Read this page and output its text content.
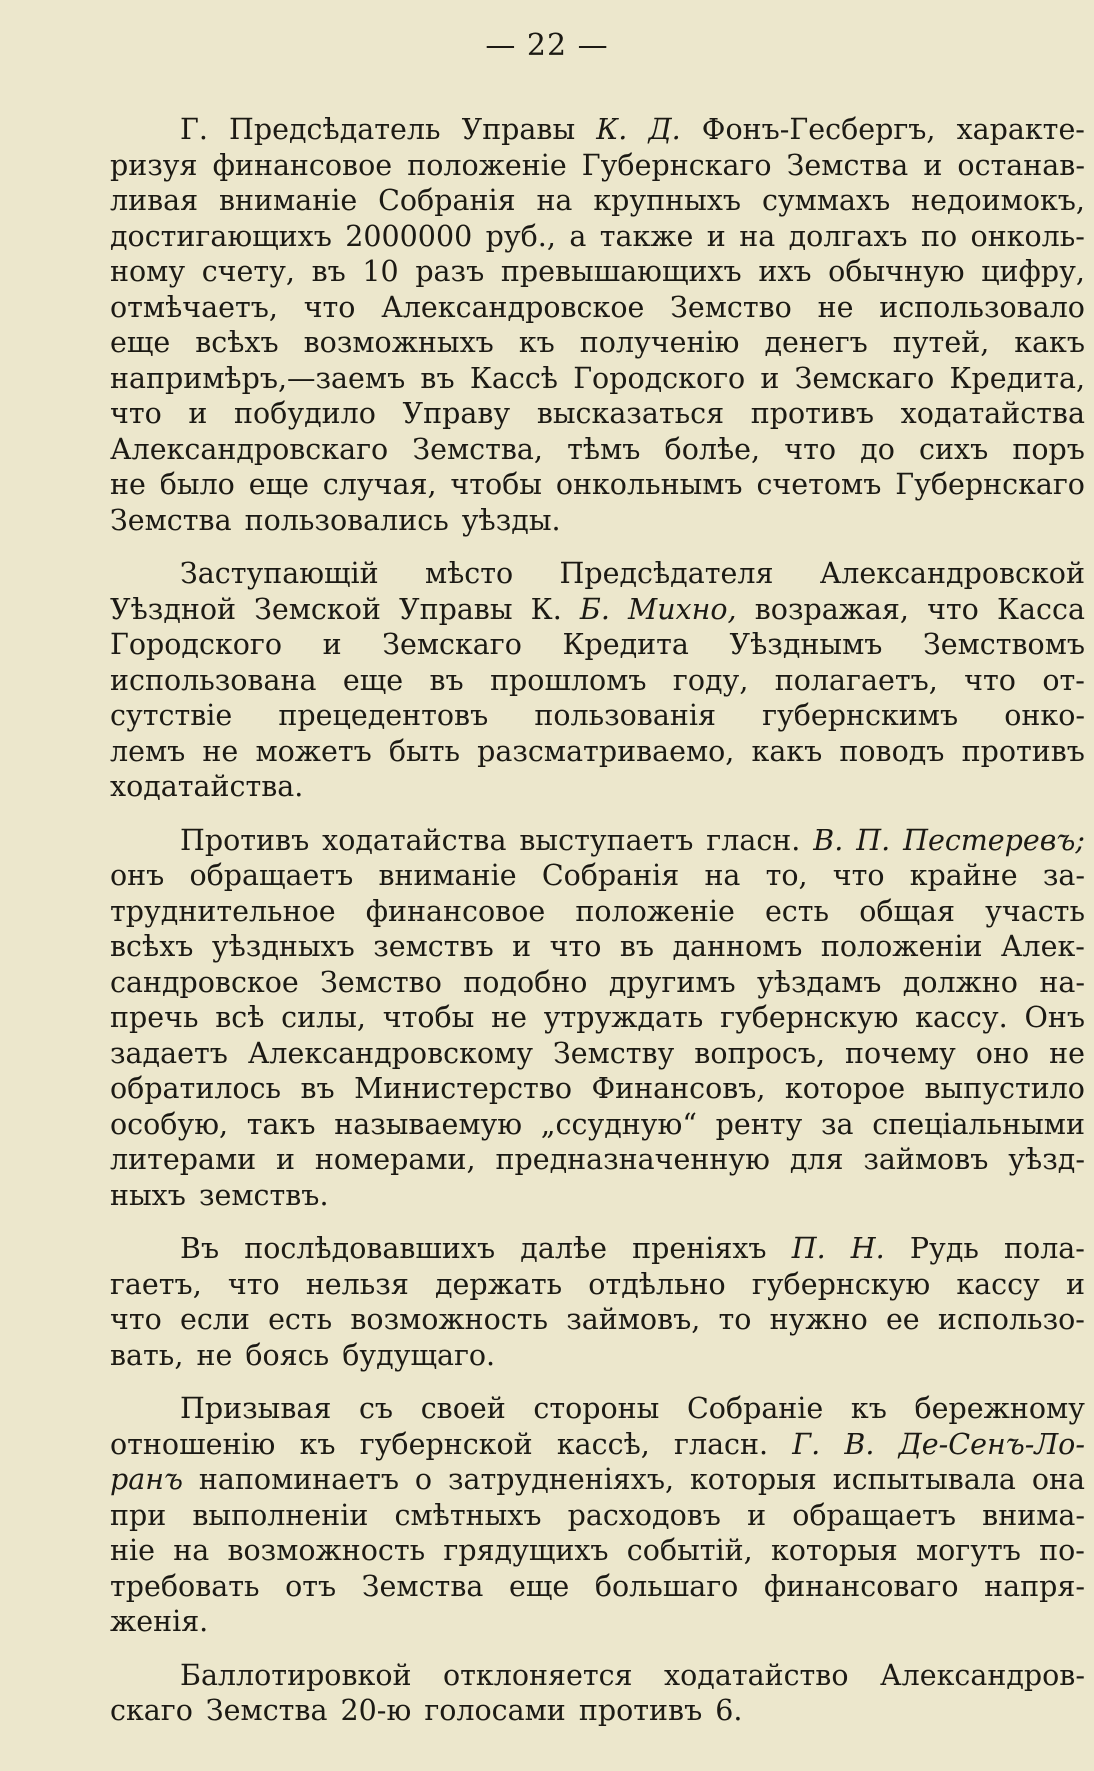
— 22 —
Г. Предсѣдатель Управы К. Д. Фонъ-Гесбергъ, характе-
ризуя финансовое положеніе Губернскаго Земства и останав-
ливая вниманіе Собранія на крупныхъ суммахъ недоимокъ,
достигающихъ 2000000 руб., а также и на долгахъ по онколь-
ному счету, въ 10 разъ превышающихъ ихъ обычную цифру,
отмѣчаетъ, что Александровское Земство не использовало
еще всѣхъ возможныхъ къ полученію денегъ путей, какъ
напримѣръ,—заемъ въ Кассѣ Городского и Земскаго Кредита,
что и побудило Управу высказаться противъ ходатайства
Александровскаго Земства, тѣмъ болѣе, что до сихъ поръ
не было еще случая, чтобы онкольнымъ счетомъ Губернскаго
Земства
пользовались
уѣзды.
Заступающій мѣсто Предсѣдателя Александровской
Уѣздной Земской Управы К. Б. Михно, возражая, что Касса
Городского и Земскаго Кредита Уѣзднымъ Земствомъ
использована еще въ прошломъ году, полагаетъ, что от-
сутствіе прецедентовъ пользованія губернскимъ онко-
лемъ не можетъ быть разсматриваемо, какъ поводъ противъ
ходатайства.
Противъ ходатайства выступаетъ гласн. В. П. Пестеревъ;
онъ обращаетъ вниманіе Собранія на то, что крайне за-
труднительное финансовое положеніе есть общая участь
всѣхъ уѣздныхъ земствъ и что въ данномъ положеніи Алек-
сандровское Земство подобно другимъ уѣздамъ должно на-
пречь всѣ силы, чтобы не утруждать губернскую кассу. Онъ
задаетъ Александровскому Земству вопросъ, почему оно не
обратилось въ Министерство Финансовъ, которое выпустило
особую, такъ называемую „ссудную“ ренту за спеціальными
литерами и номерами, предназначенную для займовъ уѣзд-
ныхъ
земствъ.
Въ послѣдовавшихъ далѣе преніяхъ П. Н. Рудь пола-
гаетъ, что нельзя держать отдѣльно губернскую кассу и
что если есть возможность займовъ, то нужно ее использо-
вать,
не
боясь
будущаго.
Призывая съ своей стороны Собраніе къ бережному
отношенію къ губернской кассѣ, гласн. Г. В. Де-Сенъ-Ло-
ранъ напоминаетъ о затрудненіяхъ, которыя испытывала она
при выполненіи смѣтныхъ расходовъ и обращаетъ внима-
ніе на возможность грядущихъ событій, которыя могутъ по-
требовать отъ Земства еще большаго финансоваго напря-
женія.
Баллотировкой отклоняется ходатайство Александров-
скаго
Земства
20-ю
голосами
противъ
6.
